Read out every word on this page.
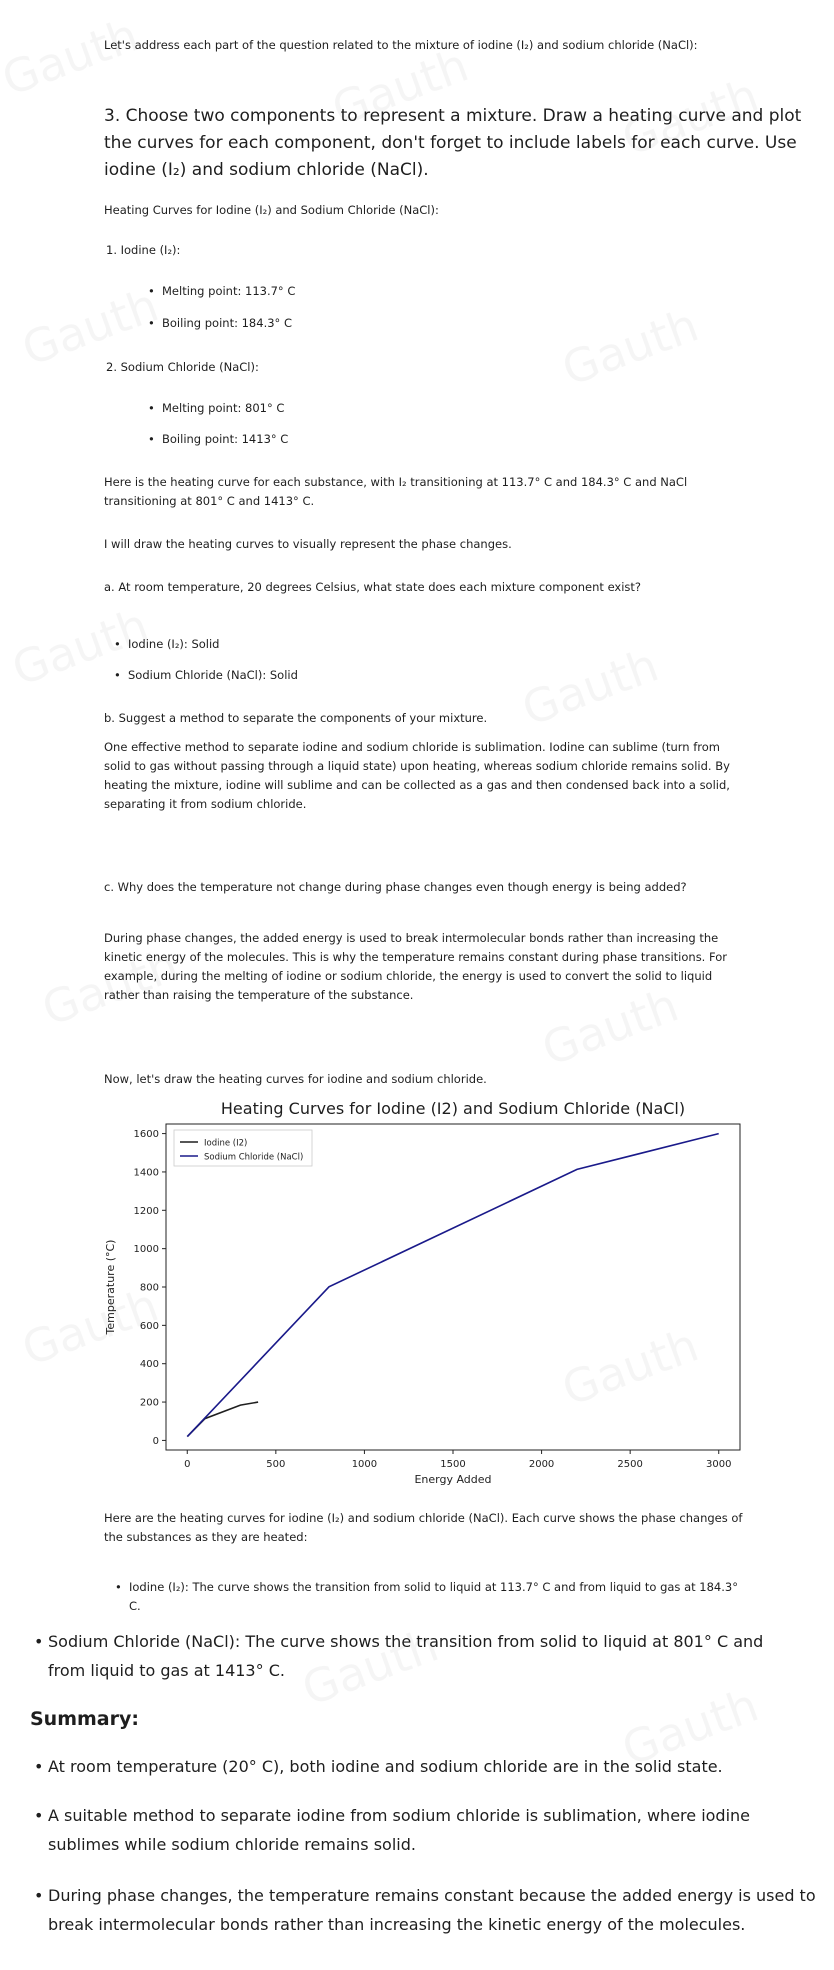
Let's address each part of the question related to the mixture of iodine (I₂) and sodium chloride (NaCl):
3. Choose two components to represent a mixture. Draw a heating curve and plot the curves for each component, don't forget to include labels for each curve. Use iodine (I₂) and sodium chloride (NaCl).
Heating Curves for Iodine (I₂) and Sodium Chloride (NaCl):
1. Iodine (I₂):
• Melting point: 113.7° C
• Boiling point: 184.3° C
2. Sodium Chloride (NaCl):
• Melting point: 801° C
• Boiling point: 1413° C
Here is the heating curve for each substance, with I₂ transitioning at 113.7° C and 184.3° C and NaCl transitioning at 801° C and 1413° C.
I will draw the heating curves to visually represent the phase changes.
a. At room temperature, 20 degrees Celsius, what state does each mixture component exist?
• Iodine (I₂): Solid
• Sodium Chloride (NaCl): Solid
b. Suggest a method to separate the components of your mixture.
One effective method to separate iodine and sodium chloride is sublimation. Iodine can sublime (turn from solid to gas without passing through a liquid state) upon heating, whereas sodium chloride remains solid. By heating the mixture, iodine will sublime and can be collected as a gas and then condensed back into a solid, separating it from sodium chloride.
c. Why does the temperature not change during phase changes even though energy is being added?
During phase changes, the added energy is used to break intermolecular bonds rather than increasing the kinetic energy of the molecules. This is why the temperature remains constant during phase transitions. For example, during the melting of iodine or sodium chloride, the energy is used to convert the solid to liquid rather than raising the temperature of the substance.
Now, let's draw the heating curves for iodine and sodium chloride.
Heating Curves for Iodine (I2) and Sodium Chloride (NaCl)
0	500	1000	1500	2000	2500	3000
0
200
400
600
800
1000
1200
1400
1600
Energy Added
Temperature (°C)
Iodine (I2)
Sodium Chloride (NaCl)
Here are the heating curves for iodine (I₂) and sodium chloride (NaCl). Each curve shows the phase changes of the substances as they are heated:
• Iodine (I₂): The curve shows the transition from solid to liquid at 113.7° C and from liquid to gas at 184.3° C.
• Sodium Chloride (NaCl): The curve shows the transition from solid to liquid at 801° C and from liquid to gas at 1413° C.
Summary:
• At room temperature (20° C), both iodine and sodium chloride are in the solid state.
• A suitable method to separate iodine from sodium chloride is sublimation, where iodine sublimes while sodium chloride remains solid.
• During phase changes, the temperature remains constant because the added energy is used to break intermolecular bonds rather than increasing the kinetic energy of the molecules.
